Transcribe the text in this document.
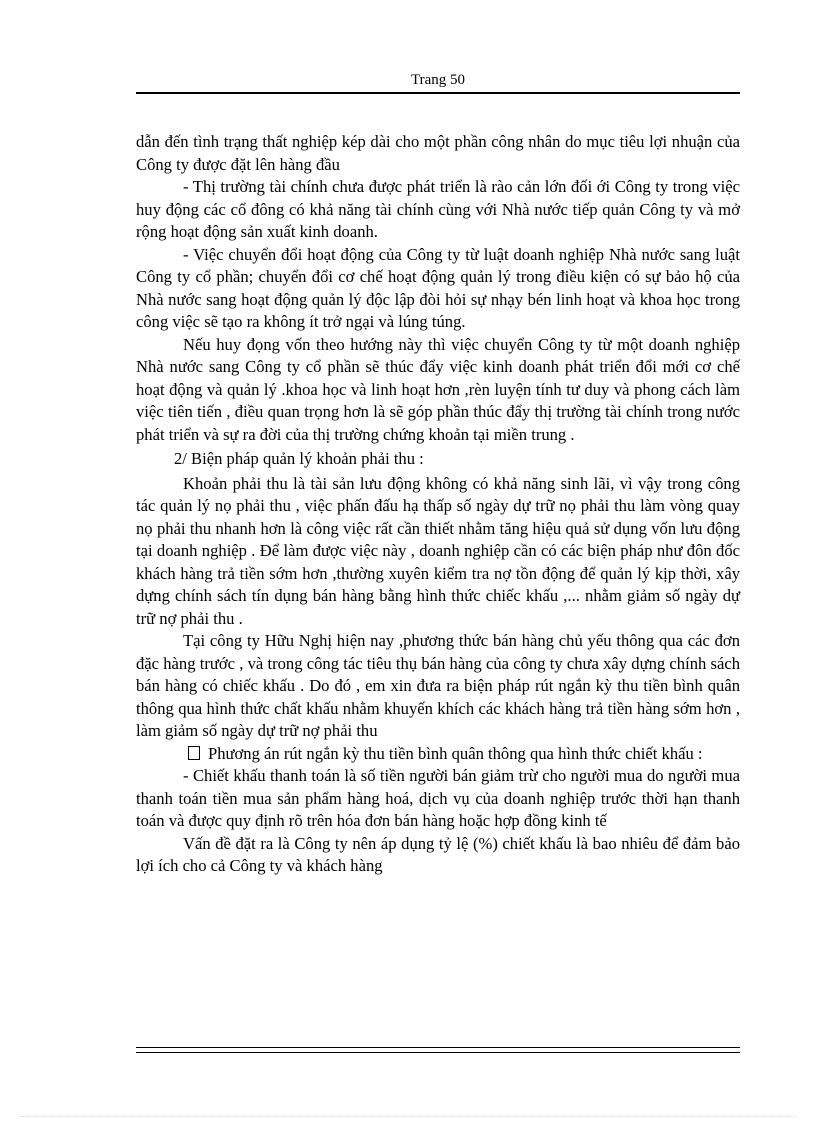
Trang 50

dẫn đến tình trạng thất nghiệp kép dài cho một phần công nhân do mục tiêu lợi nhuận của Công ty được đặt lên hàng đầu

- Thị trường tài chính chưa được phát triển là rào cản lớn đối ới Công ty trong việc huy động các cổ đông có khả năng tài chính cùng với Nhà nước tiếp quản Công ty và mở rộng hoạt động sản xuất kinh doanh.

- Việc chuyển đổi hoạt động của Công ty từ luật doanh nghiệp Nhà nước sang luật Công ty cổ phần; chuyển đổi cơ chế hoạt động quản lý trong điều kiện có sự bảo hộ của Nhà nước sang hoạt động quản lý độc lập đòi hỏi sự nhạy bén linh hoạt và khoa học trong công việc sẽ tạo ra không ít trở ngại và lúng túng.

Nếu huy đọng vốn theo hướng này thì việc chuyển Công ty từ một doanh nghiệp Nhà nước sang Công ty cổ phần sẽ thúc đẩy việc kinh doanh phát triển đổi mới cơ chế hoạt động và quản lý .khoa học và linh hoạt hơn ,rèn luyện tính tư duy và phong cách làm việc tiên tiến , điều quan trọng hơn là sẽ góp phần thúc đẩy thị trường tài chính trong nước phát triển và sự ra đời của thị trường chứng khoản tại miền trung .

2/ Biện pháp quản lý khoản phải thu :

Khoản phải thu là tài sản lưu động không có khả năng sinh lãi, vì vậy trong công tác quản lý nọ phải thu , việc phấn đấu hạ thấp số ngày dự trữ nọ phải thu làm vòng quay nọ phải thu nhanh hơn là công việc rất cần thiết nhằm tăng hiệu quả sử dụng vốn lưu động tại doanh nghiệp . Để làm được việc này , doanh nghiệp cần có các biện pháp như đôn đốc khách hàng trả tiền sớm hơn ,thường xuyên kiểm tra nợ tồn động để quản lý kịp thời, xây dựng chính sách tín dụng bán hàng bằng hình thức chiếc khấu ,... nhằm giảm số ngày dự trữ nợ phải thu .

Tại công ty Hữu Nghị hiện nay ,phương thức bán hàng chủ yếu thông qua các đơn đặc hàng trước , và trong công tác tiêu thụ bán hàng của công ty chưa xây dựng chính sách bán hàng có chiếc khấu . Do đó , em xin đưa ra biện pháp rút ngắn kỳ thu tiền bình quân thông qua hình thức chất khấu nhằm khuyến khích các khách hàng trả tiền hàng sớm hơn , làm giảm số ngày dự trữ nợ phải thu

Phương án rút ngắn kỳ thu tiền bình quân thông qua hình thức chiết khấu :

- Chiết khấu thanh toán là số tiền người bán giảm trừ cho người mua do người mua thanh toán tiền mua sản phẩm hàng hoá, dịch vụ của doanh nghiệp trước thời hạn thanh toán và được quy định rõ trên hóa đơn bán hàng hoặc hợp đồng kinh tế

Vấn đề đặt ra là Công ty nên áp dụng tỷ lệ (%) chiết khấu là bao nhiêu để đảm bảo lợi ích cho cả Công ty và khách hàng
